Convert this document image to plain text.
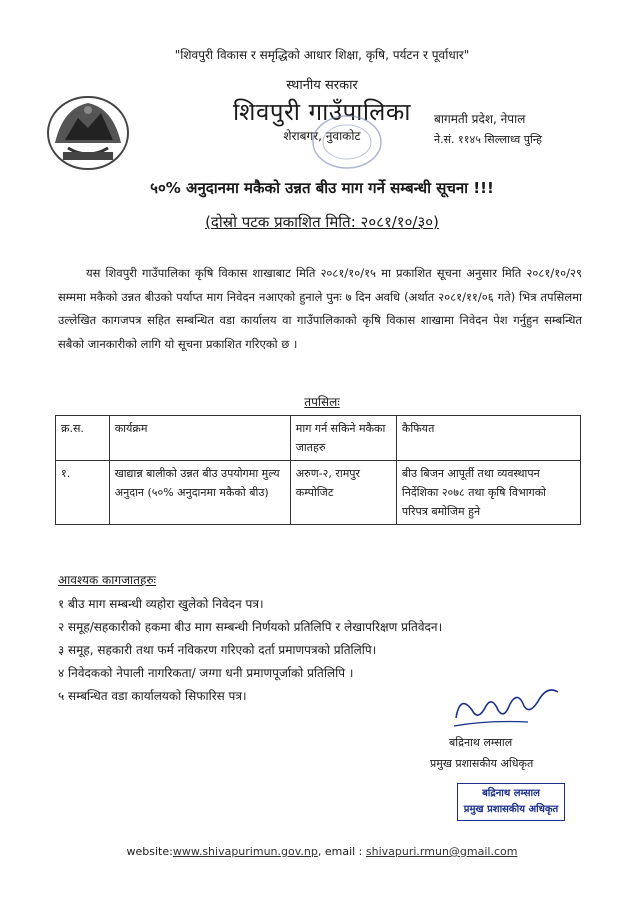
"शिवपुरी विकास र समृद्धिको आधार शिक्षा, कृषि, पर्यटन र पूर्वाधार"
स्थानीय सरकार
शिवपुरी गाउँपालिका
शेराबगर, नुवाकोट
बागमती प्रदेश, नेपाल
ने.सं. ११४५ सिल्लाध्व पुन्हि
५०% अनुदानमा मकैको उन्नत बीउ माग गर्ने सम्बन्धी सूचना !!!
(दोस्रो पटक प्रकाशित मिति: २०८१/१०/३०)
यस शिवपुरी गाउँपालिका कृषि विकास शाखाबाट मिति २०८१/१०/१५ मा प्रकाशित सूचना अनुसार मिति २०८१/१०/२९ सम्ममा मकैको उन्नत बीउको पर्याप्त माग निवेदन नआएको हुनाले पुनः ७ दिन अवधि (अर्थात २०८१/११/०६ गते) भित्र तपसिलमा उल्लेखित कागजपत्र सहित सम्बन्धित वडा कार्यालय वा गाउँपालिकाको कृषि विकास शाखामा निवेदन पेश गर्नुहुन सम्बन्धित सबैको जानकारीको लागि यो सूचना प्रकाशित गरिएको छ ।
तपसिलः
क्र.स.	कार्यक्रम	माग गर्न सकिने मकैका जातहरु	कैफियत
१.	खाद्यान्न बालीको उन्नत बीउ उपयोगमा मुल्य अनुदान (५०% अनुदानमा मकैको बीउ)	अरुण-२, रामपुर कम्पोजिट	बीउ बिजन आपूर्ती तथा व्यवस्थापन निर्देशिका २०७८ तथा कृषि विभागको परिपत्र बमोजिम हुने
आवश्यक कागजातहरुः
१ बीउ माग सम्बन्धी व्यहोरा खुलेको निवेदन पत्र।
२ समूह/सहकारीको हकमा बीउ माग सम्बन्धी निर्णयको प्रतिलिपि र लेखापरिक्षण प्रतिवेदन।
३ समूह, सहकारी तथा फर्म नविकरण गरिएको दर्ता प्रमाणपत्रको प्रतिलिपि।
४ निवेदकको नेपाली नागरिकता/ जग्गा धनी प्रमाणपूर्जाको प्रतिलिपि ।
५ सम्बन्धित वडा कार्यालयको सिफारिस पत्र।
बद्रिनाथ लम्साल
प्रमुख प्रशासकीय अधिकृत
बद्रिनाथ लम्साल
प्रमुख प्रशासकीय अधिकृत
website:www.shivapurimun.gov.np, email : shivapuri.rmun@gmail.com
